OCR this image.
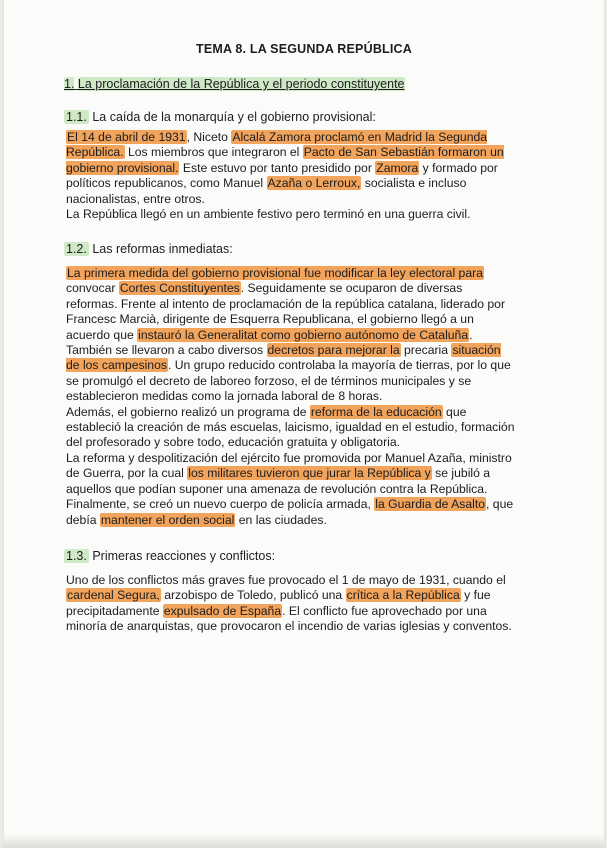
TEMA 8. LA SEGUNDA REPÚBLICA
1. La proclamación de la República y el periodo constituyente
1.1. La caída de la monarquía y el gobierno provisional:

El 14 de abril de 1931, Niceto Alcalá Zamora proclamó en Madrid la Segunda República. Los miembros que integraron el Pacto de San Sebastián formaron un gobierno provisional. Este estuvo por tanto presidido por Zamora y formado por políticos republicanos, como Manuel Azaña o Lerroux, socialista e incluso nacionalistas, entre otros.

La República llegó en un ambiente festivo pero terminó en una guerra civil.

1.2. Las reformas inmediatas:

La primera medida del gobierno provisional fue modificar la ley electoral para convocar Cortes Constituyentes. Seguidamente se ocuparon de diversas reformas. Frente al intento de proclamación de la república catalana, liderado por Francesc Marcià, dirigente de Esquerra Republicana, el gobierno llegó a un acuerdo que instauró la Generalitat como gobierno autónomo de Cataluña.

También se llevaron a cabo diversos decretos para mejorar la precaria situación de los campesinos. Un grupo reducido controlaba la mayoría de tierras, por lo que se promulgó el decreto de laboreo forzoso, el de términos municipales y se establecieron medidas como la jornada laboral de 8 horas.

Además, el gobierno realizó un programa de reforma de la educación que estableció la creación de más escuelas, laicismo, igualdad en el estudio, formación del profesorado y sobre todo, educación gratuita y obligatoria.

La reforma y despolitización del ejército fue promovida por Manuel Azaña, ministro de Guerra, por la cual los militares tuvieron que jurar la República y se jubiló a aquellos que podían suponer una amenaza de revolución contra la República.

Finalmente, se creó un nuevo cuerpo de policía armada, la Guardia de Asalto, que debía mantener el orden social en las ciudades.

1.3. Primeras reacciones y conflictos:

Uno de los conflictos más graves fue provocado el 1 de mayo de 1931, cuando el cardenal Segura, arzobispo de Toledo, publicó una crítica a la República y fue precipitadamente expulsado de España. El conflicto fue aprovechado por una minoría de anarquistas, que provocaron el incendio de varias iglesias y conventos.
